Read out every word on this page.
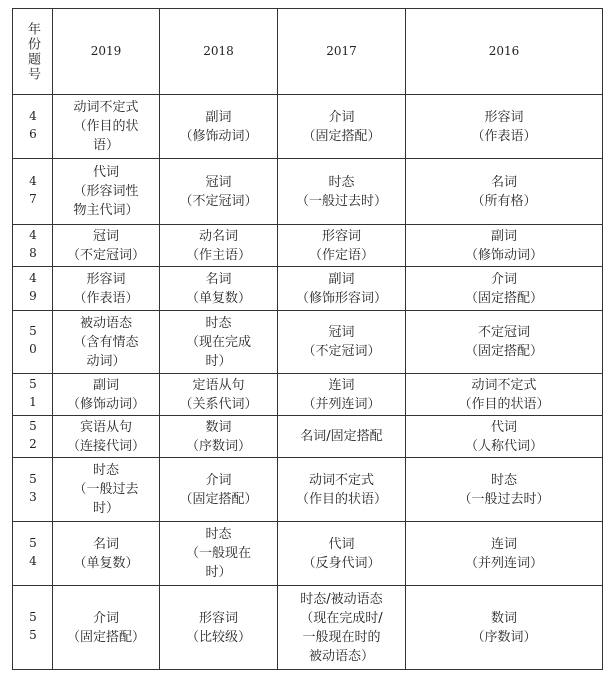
年份题号	2019	2018	2017	2016
46	动词不定式
（作目的状
语）	副词
（修饰动词）	介词
（固定搭配）	形容词
（作表语）
47	代词
（形容词性
物主代词）	冠词
（不定冠词）	时态
（一般过去时）	名词
（所有格）
48	冠词
（不定冠词）	动名词
（作主语）	形容词
（作定语）	副词
（修饰动词）
49	形容词
（作表语）	名词
（单复数）	副词
（修饰形容词）	介词
（固定搭配）
50	被动语态
（含有情态
动词）	时态
（现在完成
时）	冠词
（不定冠词）	不定冠词
（固定搭配）
51	副词
（修饰动词）	定语从句
（关系代词）	连词
（并列连词）	动词不定式
（作目的状语）
52	宾语从句
（连接代词）	数词
（序数词）	名词/固定搭配	代词
（人称代词）
53	时态
（一般过去
时）	介词
（固定搭配）	动词不定式
（作目的状语）	时态
（一般过去时）
54	名词
（单复数）	时态
（一般现在
时）	代词
（反身代词）	连词
（并列连词）
55	介词
（固定搭配）	形容词
（比较级）	时态/被动语态
（现在完成时/
一般现在时的
被动语态）	数词
（序数词）
